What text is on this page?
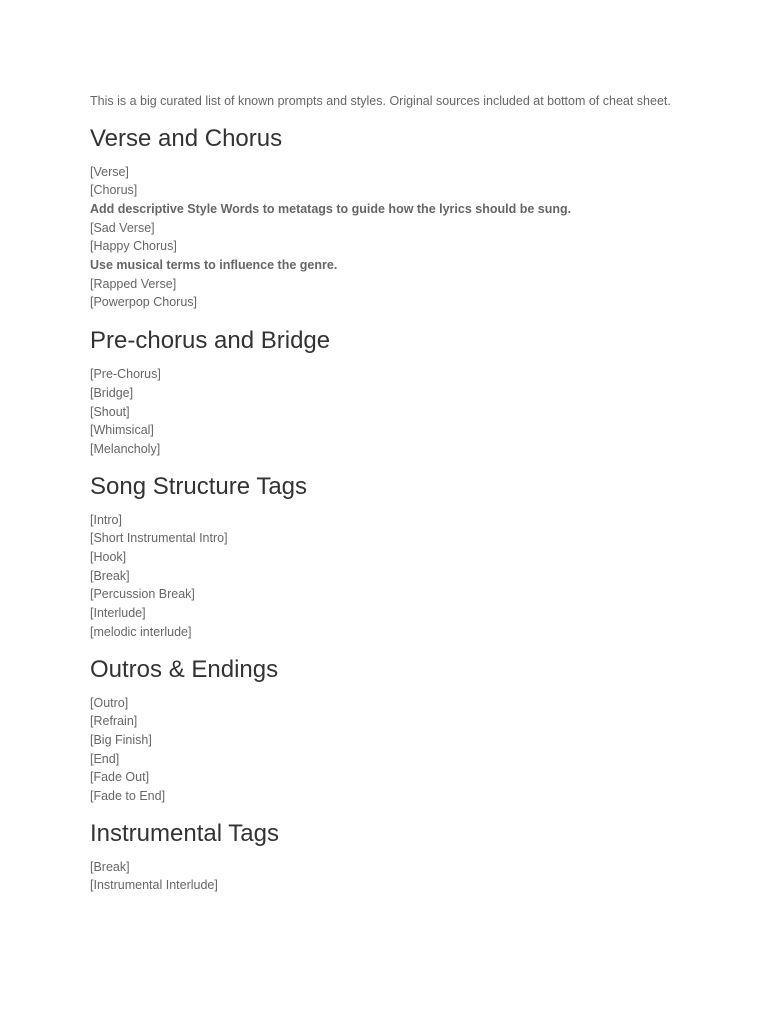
This is a big curated list of known prompts and styles. Original sources included at bottom of cheat sheet.

Verse and Chorus
[Verse]
[Chorus]
Add descriptive Style Words to metatags to guide how the lyrics should be sung.
[Sad Verse]
[Happy Chorus]
Use musical terms to influence the genre.
[Rapped Verse]
[Powerpop Chorus]
Pre-chorus and Bridge
[Pre-Chorus]
[Bridge]
[Shout]
[Whimsical]
[Melancholy]
Song Structure Tags
[Intro]
[Short Instrumental Intro]
[Hook]
[Break]
[Percussion Break]
[Interlude]
[melodic interlude]
Outros & Endings
[Outro]
[Refrain]
[Big Finish]
[End]
[Fade Out]
[Fade to End]
Instrumental Tags
[Break]
[Instrumental Interlude]
